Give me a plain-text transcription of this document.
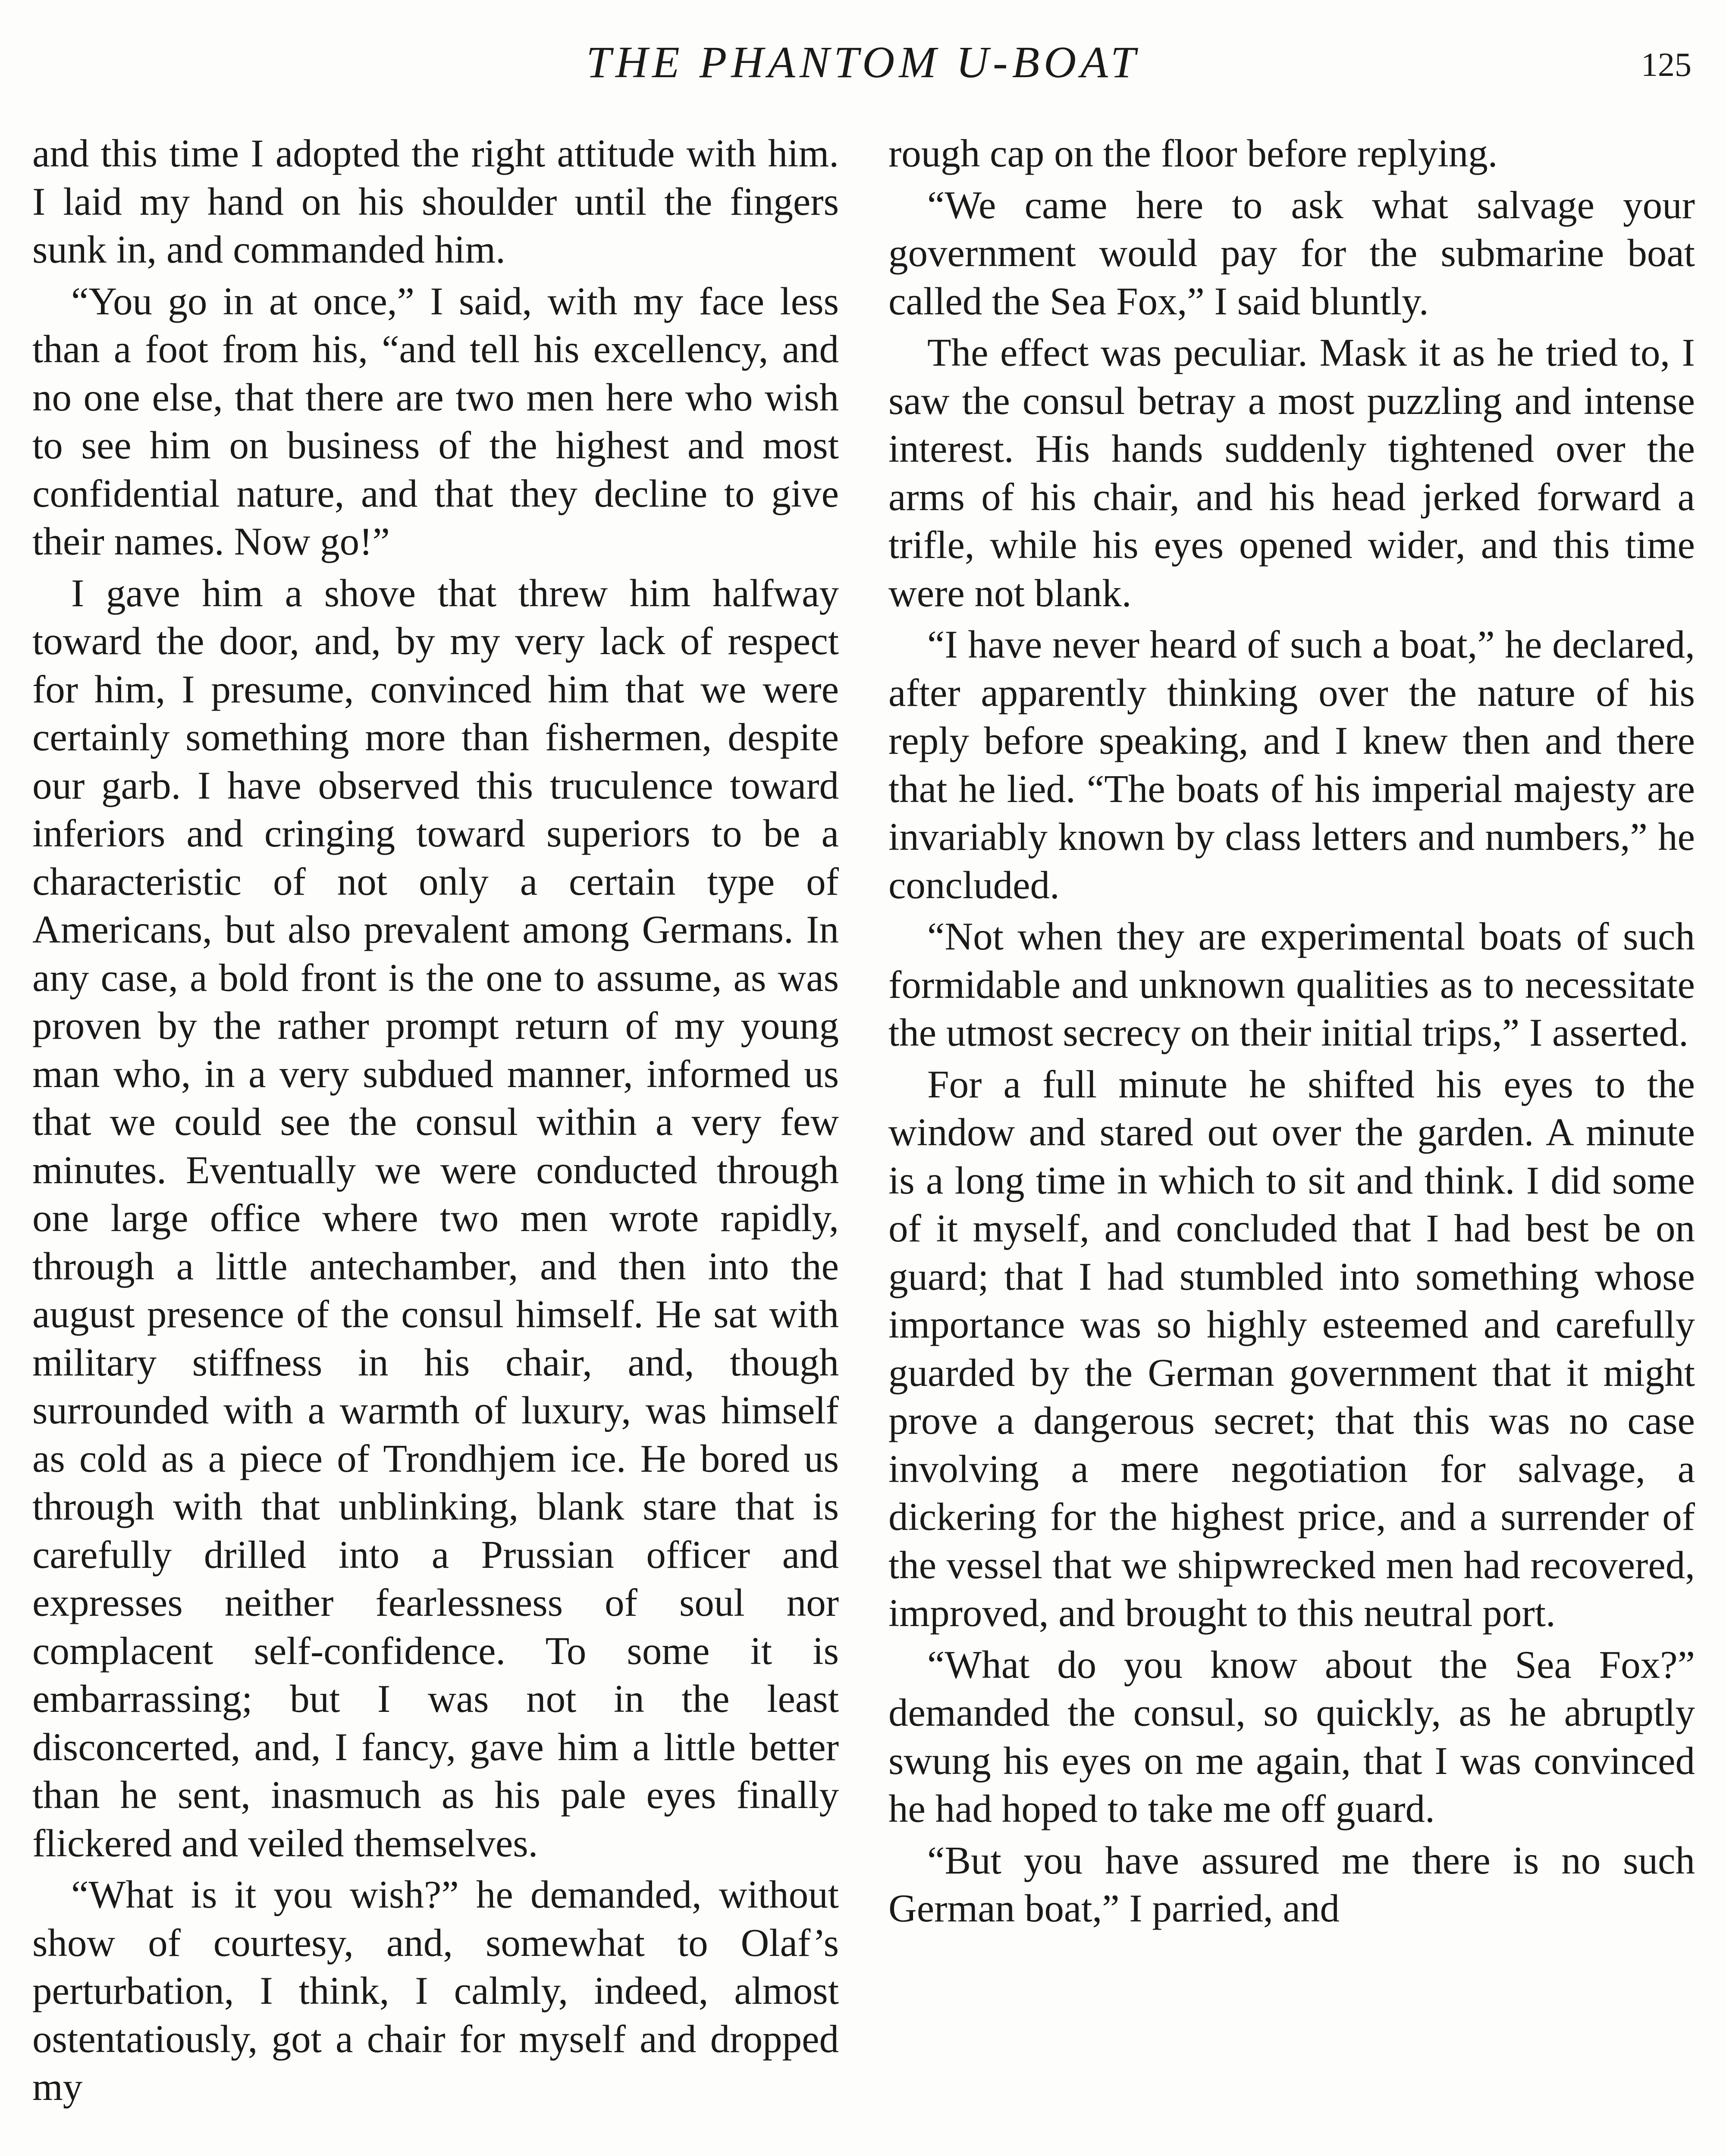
THE PHANTOM U-BOAT	125

and this time I adopted the right attitude with him. I laid my hand on his shoulder until the fingers sunk in, and commanded him.

“You go in at once,” I said, with my face less than a foot from his, “and tell his excellency, and no one else, that there are two men here who wish to see him on business of the highest and most confidential nature, and that they decline to give their names. Now go!”

I gave him a shove that threw him halfway toward the door, and, by my very lack of respect for him, I presume, convinced him that we were certainly something more than fishermen, despite our garb. I have observed this truculence toward inferiors and cringing toward superiors to be a characteristic of not only a certain type of Americans, but also prevalent among Germans. In any case, a bold front is the one to assume, as was proven by the rather prompt return of my young man who, in a very subdued manner, informed us that we could see the consul within a very few minutes. Eventually we were conducted through one large office where two men wrote rapidly, through a little antechamber, and then into the august presence of the consul himself. He sat with military stiffness in his chair, and, though surrounded with a warmth of luxury, was himself as cold as a piece of Trondhjem ice. He bored us through with that unblinking, blank stare that is carefully drilled into a Prussian officer and expresses neither fearlessness of soul nor complacent self-confidence. To some it is embarrassing; but I was not in the least disconcerted, and, I fancy, gave him a little better than he sent, inasmuch as his pale eyes finally flickered and veiled themselves.

“What is it you wish?” he demanded, without show of courtesy, and, somewhat to Olaf’s perturbation, I think, I calmly, indeed, almost ostentatiously, got a chair for myself and dropped my

rough cap on the floor before replying.

“We came here to ask what salvage your government would pay for the submarine boat called the Sea Fox,” I said bluntly.

The effect was peculiar. Mask it as he tried to, I saw the consul betray a most puzzling and intense interest. His hands suddenly tightened over the arms of his chair, and his head jerked forward a trifle, while his eyes opened wider, and this time were not blank.

“I have never heard of such a boat,” he declared, after apparently thinking over the nature of his reply before speaking, and I knew then and there that he lied. “The boats of his imperial majesty are invariably known by class letters and numbers,” he concluded.

“Not when they are experimental boats of such formidable and unknown qualities as to necessitate the utmost secrecy on their initial trips,” I asserted.

For a full minute he shifted his eyes to the window and stared out over the garden. A minute is a long time in which to sit and think. I did some of it myself, and concluded that I had best be on guard; that I had stumbled into something whose importance was so highly esteemed and carefully guarded by the German government that it might prove a dangerous secret; that this was no case involving a mere negotiation for salvage, a dickering for the highest price, and a surrender of the vessel that we shipwrecked men had recovered, improved, and brought to this neutral port.

“What do you know about the Sea Fox?” demanded the consul, so quickly, as he abruptly swung his eyes on me again, that I was convinced he had hoped to take me off guard.

“But you have assured me there is no such German boat,” I parried, and
